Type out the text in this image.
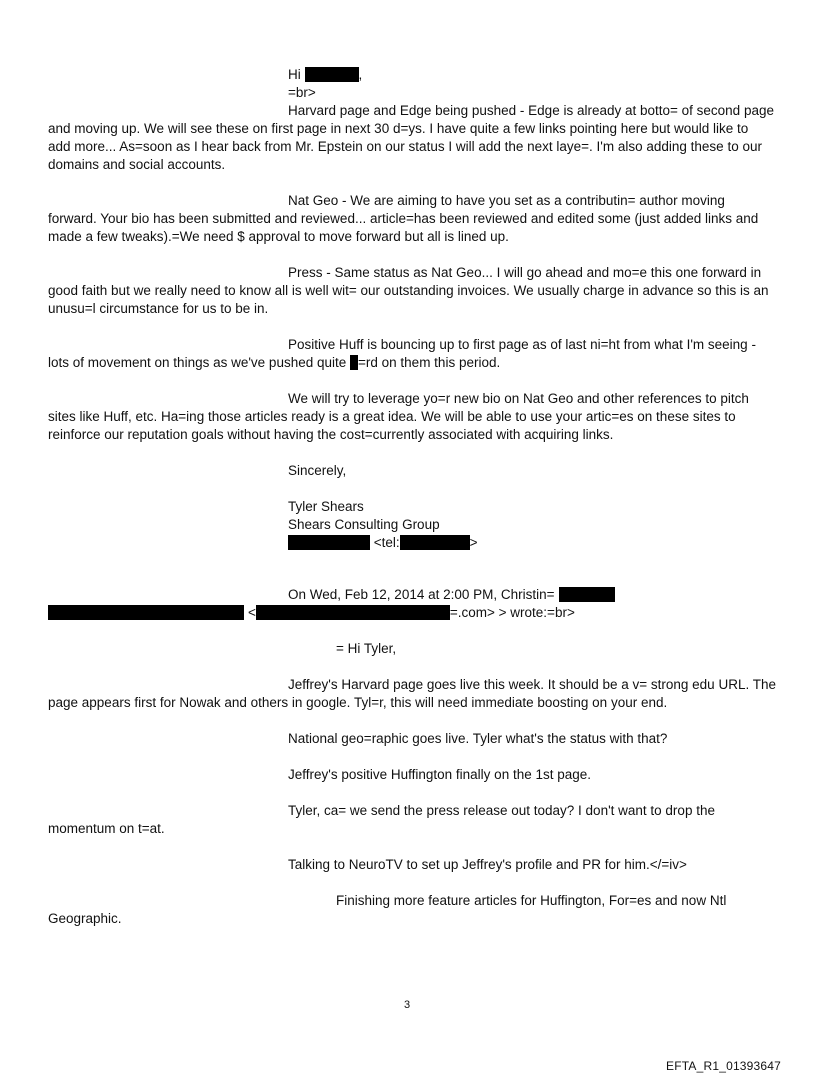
Hi	,
=br>
Harvard page and Edge being pushed - Edge is already at botto= of second page
and moving up. We will see these on first page in next 30 d=ys. I have quite a few links pointing here but would like to
add more... As=soon as I hear back from Mr. Epstein on our status I will add the next laye=. I'm also adding these to our
domains and social accounts.
Nat Geo - We are aiming to have you set as a contributin= author moving
forward. Your bio has been submitted and reviewed... article=has been reviewed and edited some (just added links and
made a few tweaks).=We need $ approval to move forward but all is lined up.
Press - Same status as Nat Geo... I will go ahead and mo=e this one forward in
good faith but we really need to know all is well wit= our outstanding invoices. We usually charge in advance so this is an
unusu=l circumstance for us to be in.
Positive Huff is bouncing up to first page as of last ni=ht from what I'm seeing -
lots of movement on things as we've pushed quite =rd on them this period.
We will try to leverage yo=r new bio on Nat Geo and other references to pitch
sites like Huff, etc. Ha=ing those articles ready is a great idea. We will be able to use your artic=es on these sites to
reinforce our reputation goals without having the cost=currently associated with acquiring links.
Sincerely,
Tyler Shears
Shears Consulting Group
<tel:	>
On Wed, Feb 12, 2014 at 2:00 PM, Christin=
<	=.com> > wrote:=br>
= Hi Tyler,
Jeffrey's Harvard page goes live this week. It should be a v= strong edu URL. The
page appears first for Nowak and others in google. Tyl=r, this will need immediate boosting on your end.
National geo=raphic goes live. Tyler what's the status with that?
Jeffrey's positive Huffington finally on the 1st page.
Tyler, ca= we send the press release out today? I don't want to drop the
momentum on t=at.
Talking to NeuroTV to set up Jeffrey's profile and PR for him.</=iv>
Finishing more feature articles for Huffington, For=es and now Ntl
Geographic.
3
EFTA_R1_01393647
